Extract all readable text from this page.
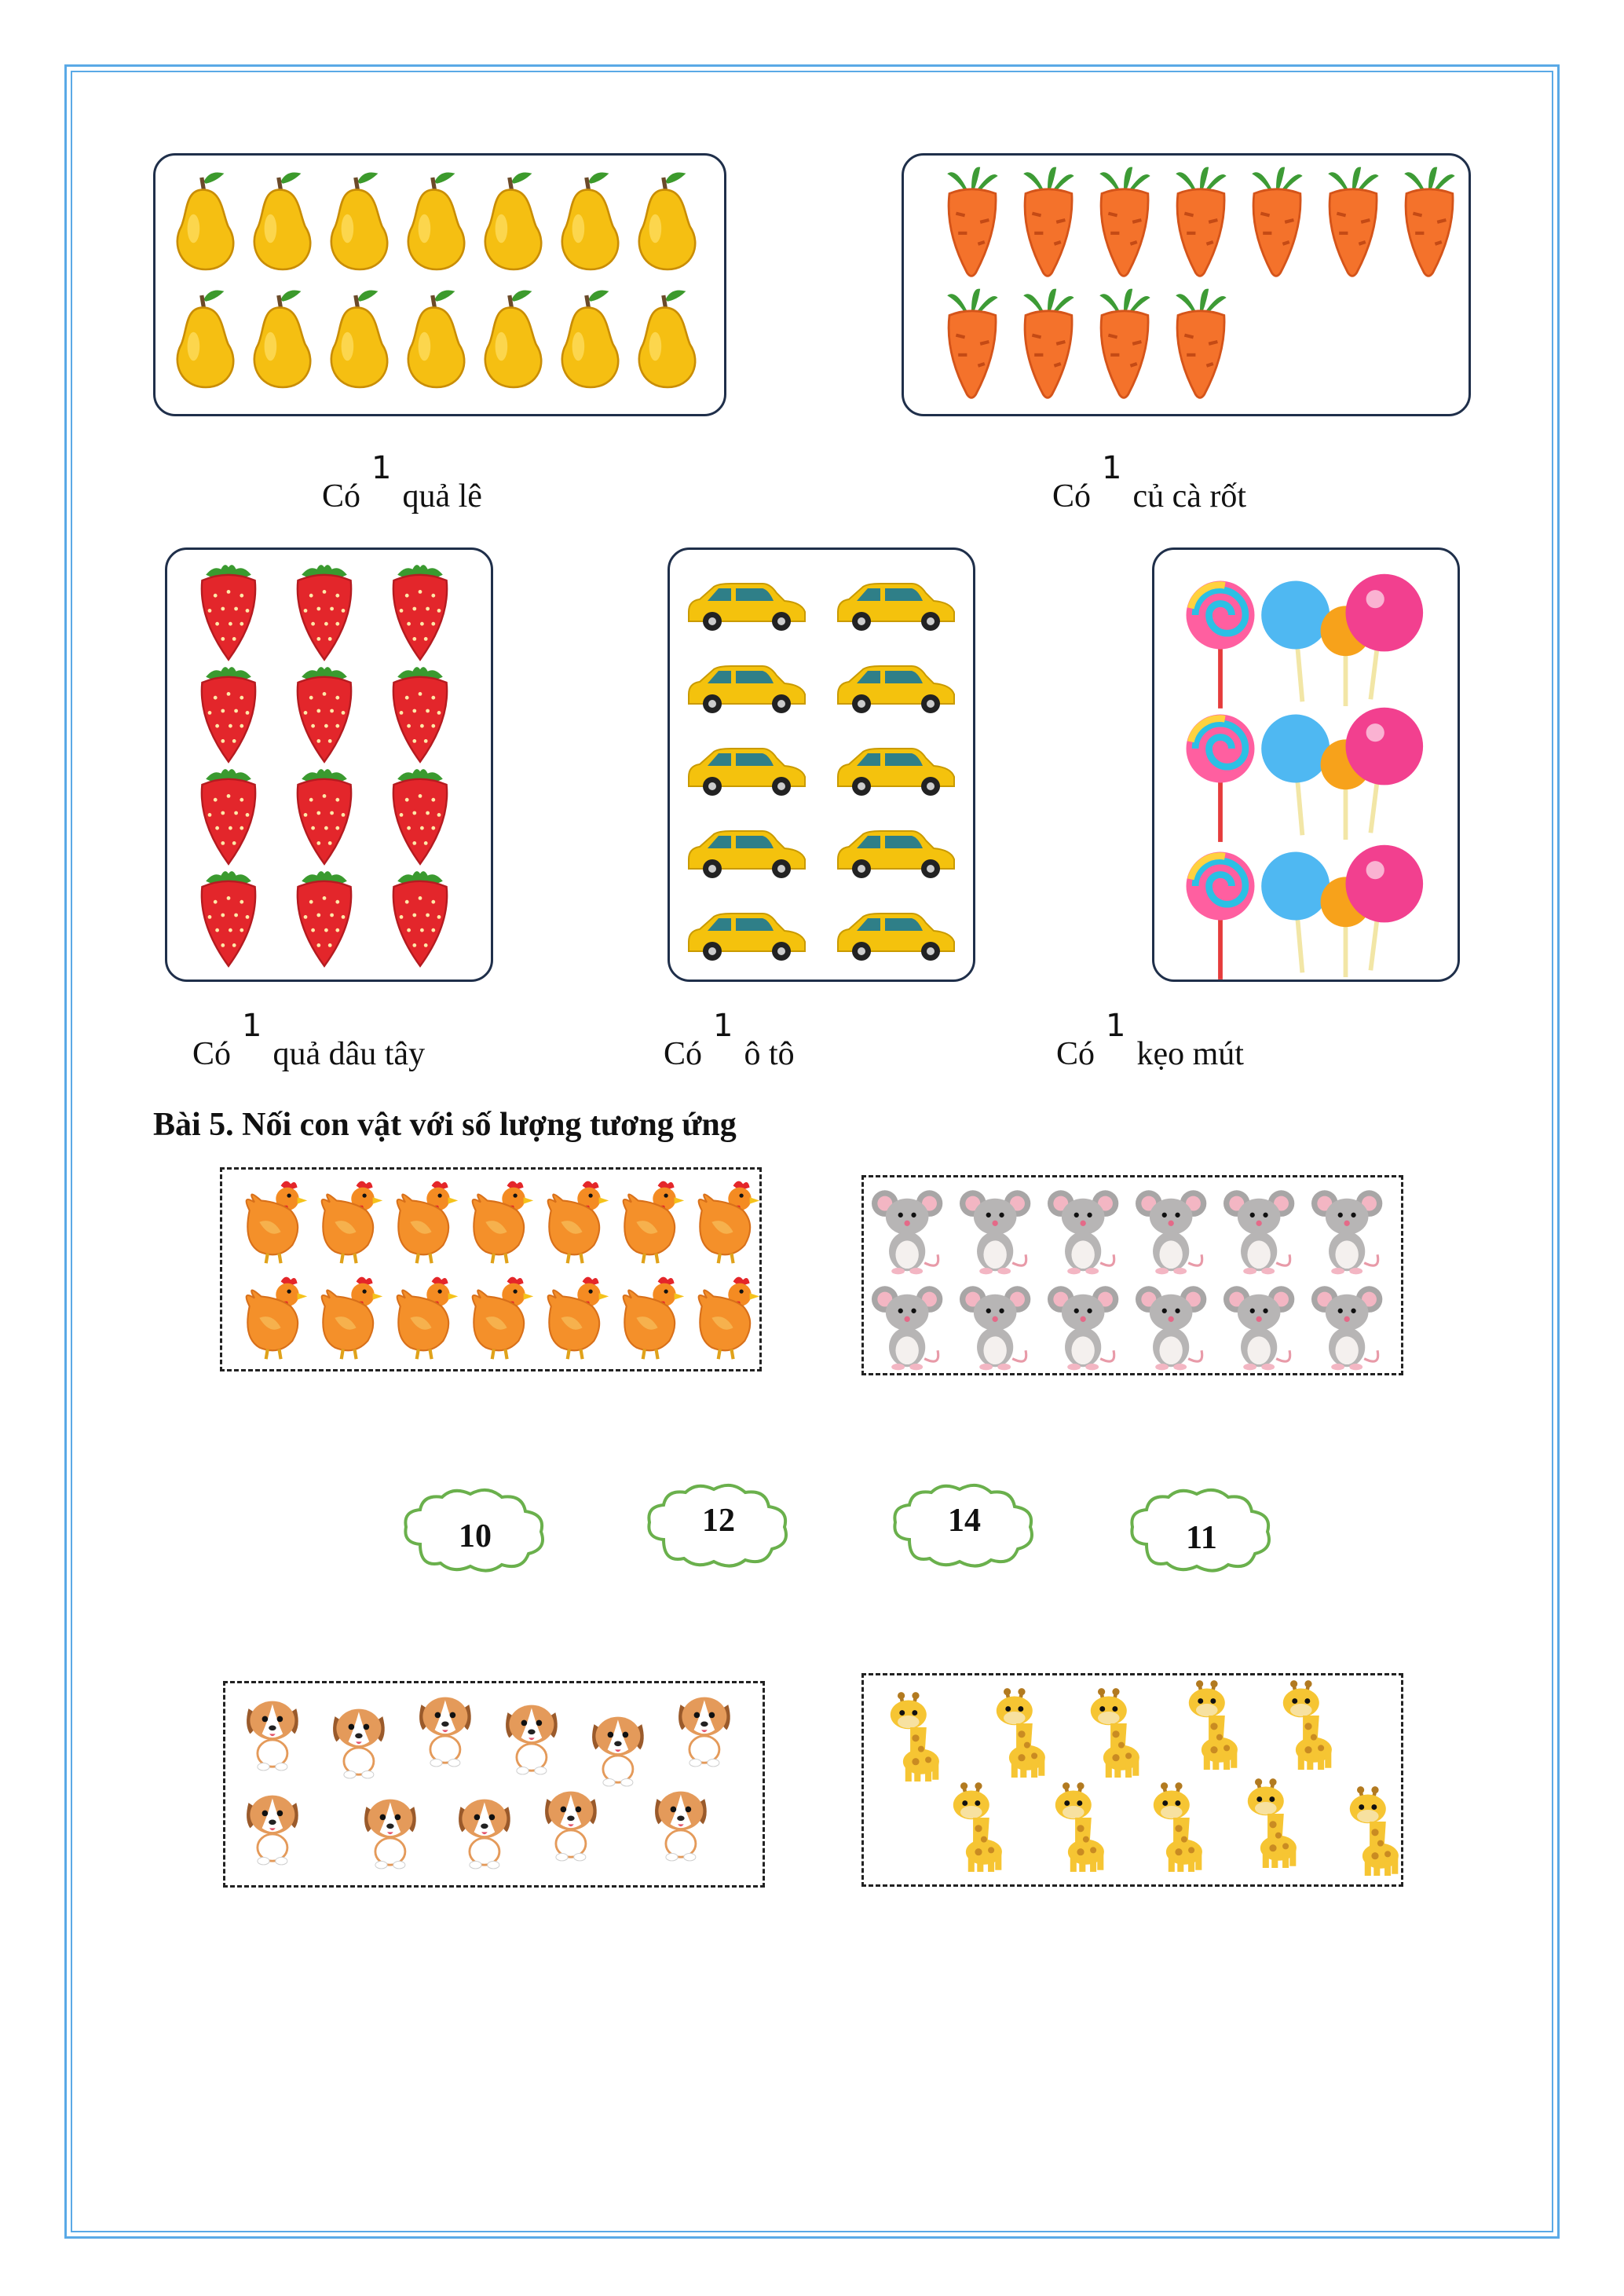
Có1quả lê	Có1củ cà rốt
Có1quả dâu tây	Có1ô tô	Có1kẹo mút
Bài 5. Nối con vật với số lượng tương ứng
10	12	14	11
